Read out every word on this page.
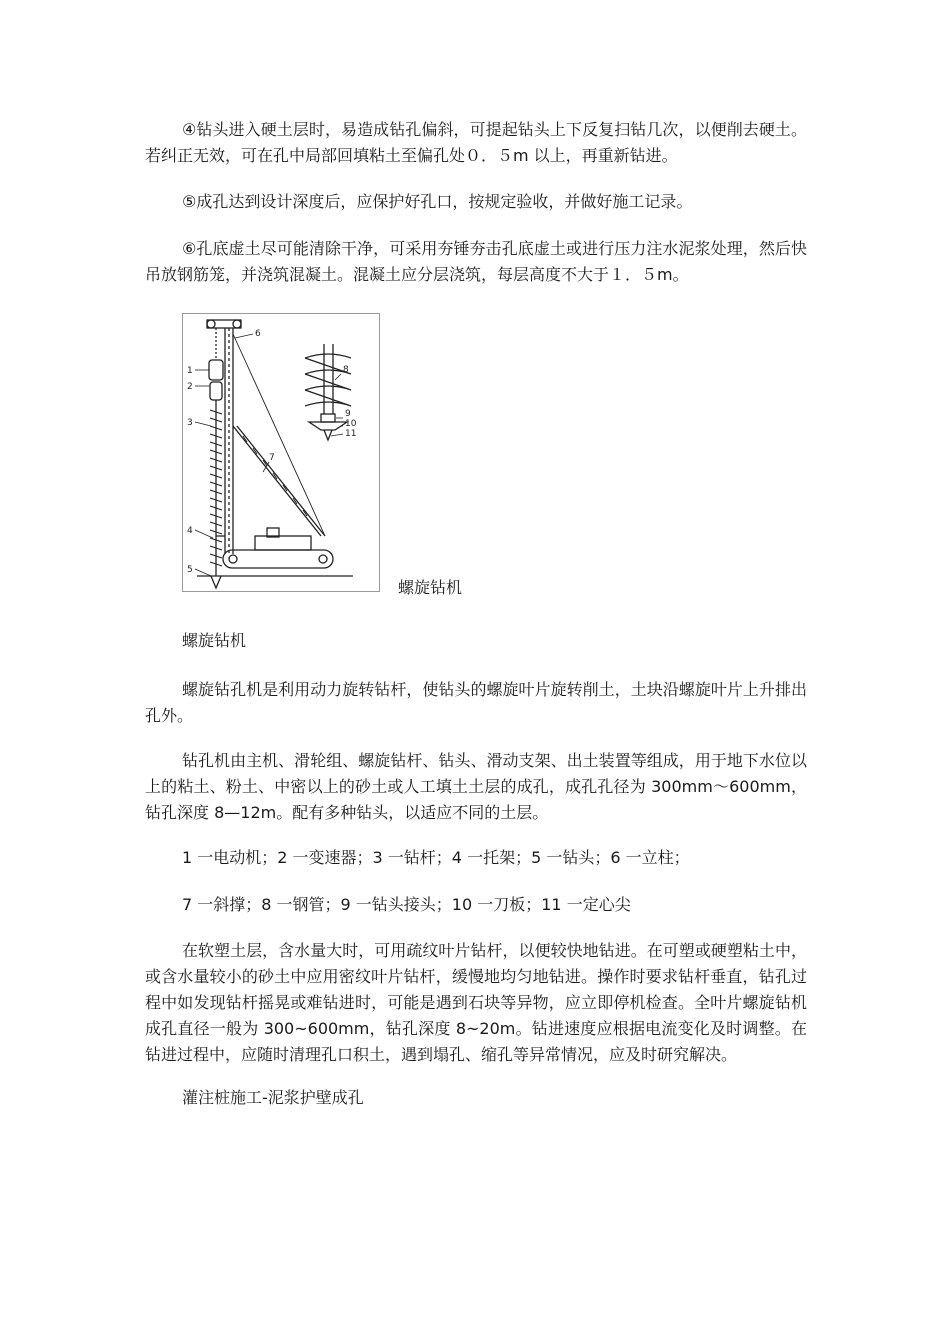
④钻头进入硬土层时，易造成钻孔偏斜，可提起钻头上下反复扫钻几次，以便削去硬土。若纠正无效，可在孔中局部回填粘土至偏孔处０．５m 以上，再重新钻进。

⑤成孔达到设计深度后，应保护好孔口，按规定验收，并做好施工记录。

⑥孔底虚土尽可能清除干净，可采用夯锤夯击孔底虚土或进行压力注水泥浆处理，然后快吊放钢筋笼，并浇筑混凝土。混凝土应分层浇筑，每层高度不大于１．５m。

1
2
3
4
5
6
7
8
9
10
11
螺旋钻机

螺旋钻机

螺旋钻孔机是利用动力旋转钻杆，使钻头的螺旋叶片旋转削土，土块沿螺旋叶片上升排出孔外。

钻孔机由主机、滑轮组、螺旋钻杆、钻头、滑动支架、出土装置等组成，用于地下水位以上的粘土、粉土、中密以上的砂土或人工填土土层的成孔，成孔孔径为 300mm～600mm，钻孔深度 8—12m。配有多种钻头，以适应不同的土层。

1 一电动机；2 一变速器；3 一钻杆；4 一托架；5 一钻头；6 一立柱；

7 一斜撑；8 一钢管；9 一钻头接头；10 一刀板；11 一定心尖

在软塑土层，含水量大时，可用疏纹叶片钻杆，以便较快地钻进。在可塑或硬塑粘土中，或含水量较小的砂土中应用密纹叶片钻杆，缓慢地均匀地钻进。操作时要求钻杆垂直，钻孔过程中如发现钻杆摇晃或难钻进时，可能是遇到石块等异物，应立即停机检查。全叶片螺旋钻机成孔直径一般为 300~600mm，钻孔深度 8~20m。钻进速度应根据电流变化及时调整。在钻进过程中，应随时清理孔口积土，遇到塌孔、缩孔等异常情况，应及时研究解决。

灌注桩施工-泥浆护壁成孔
